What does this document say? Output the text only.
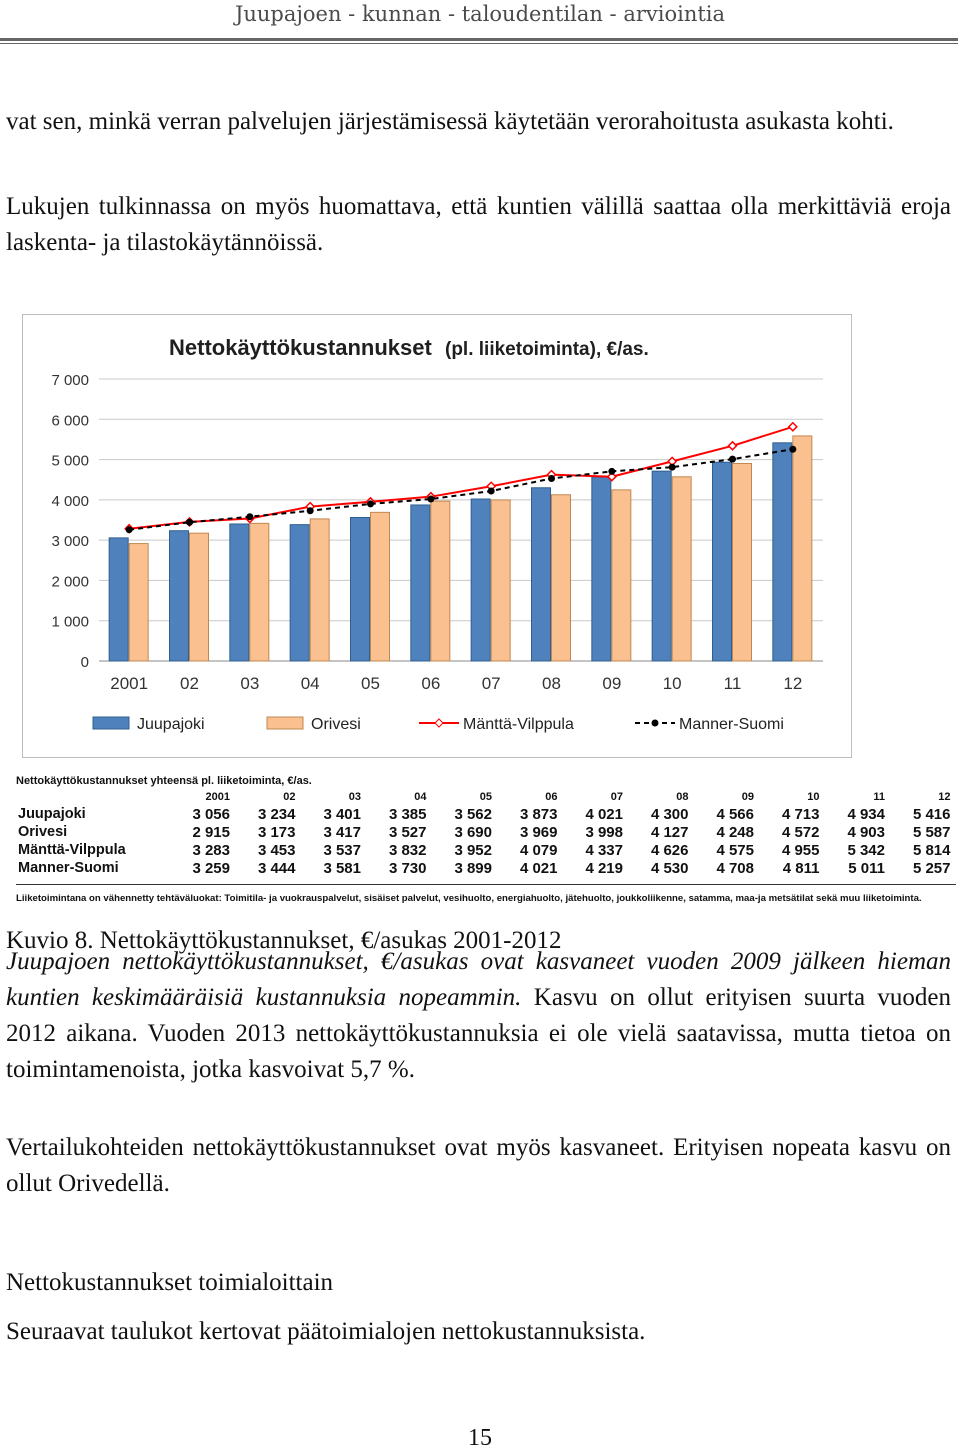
Juupajoen - kunnan - taloudentilan - arviointia
vat sen, minkä verran palvelujen järjestämisessä käytetään verorahoitusta asukasta kohti.
Lukujen tulkinnassa on myös huomattava, että kuntien välillä saattaa olla merkittäviä eroja laskenta- ja tilastokäytännöissä.
Nettokäyttökustannukset (pl. liiketoiminta), €/as.
0
1 000
2 000
3 000
4 000
5 000
6 000
7 000
2001 02 03 04 05 06 07 08 09 10 11 12
Juupajoki	Orivesi	Mänttä-Vilppula	Manner-Suomi
Nettokäyttökustannukset yhteensä pl. liiketoiminta, €/as.
2001	02	03	04	05	06	07	08	09	10	11	12
Juupajoki	3 056	3 234	3 401	3 385	3 562	3 873	4 021	4 300	4 566	4 713	4 934	5 416
Orivesi	2 915	3 173	3 417	3 527	3 690	3 969	3 998	4 127	4 248	4 572	4 903	5 587
Mänttä-Vilppula	3 283	3 453	3 537	3 832	3 952	4 079	4 337	4 626	4 575	4 955	5 342	5 814
Manner-Suomi	3 259	3 444	3 581	3 730	3 899	4 021	4 219	4 530	4 708	4 811	5 011	5 257
Liiketoimintana on vähennetty tehtäväluokat: Toimitila- ja vuokrauspalvelut, sisäiset palvelut, vesihuolto, energiahuolto, jätehuolto, joukkoliikenne, satamma, maa-ja metsätilat sekä muu liiketoiminta.
Kuvio 8. Nettokäyttökustannukset, €/asukas 2001-2012
Juupajoen nettokäyttökustannukset, €/asukas ovat kasvaneet vuoden 2009 jälkeen hieman kuntien keskimääräisiä kustannuksia nopeammin. Kasvu on ollut erityisen suurta vuoden 2012 aikana. Vuoden 2013 nettokäyttökustannuksia ei ole vielä saatavissa, mutta tietoa on toimintamenoista, jotka kasvoivat 5,7 %.
Vertailukohteiden nettokäyttökustannukset ovat myös kasvaneet. Erityisen nopeata kasvu on ollut Orivedellä.
Nettokustannukset toimialoittain
Seuraavat taulukot kertovat päätoimialojen nettokustannuksista.
15
